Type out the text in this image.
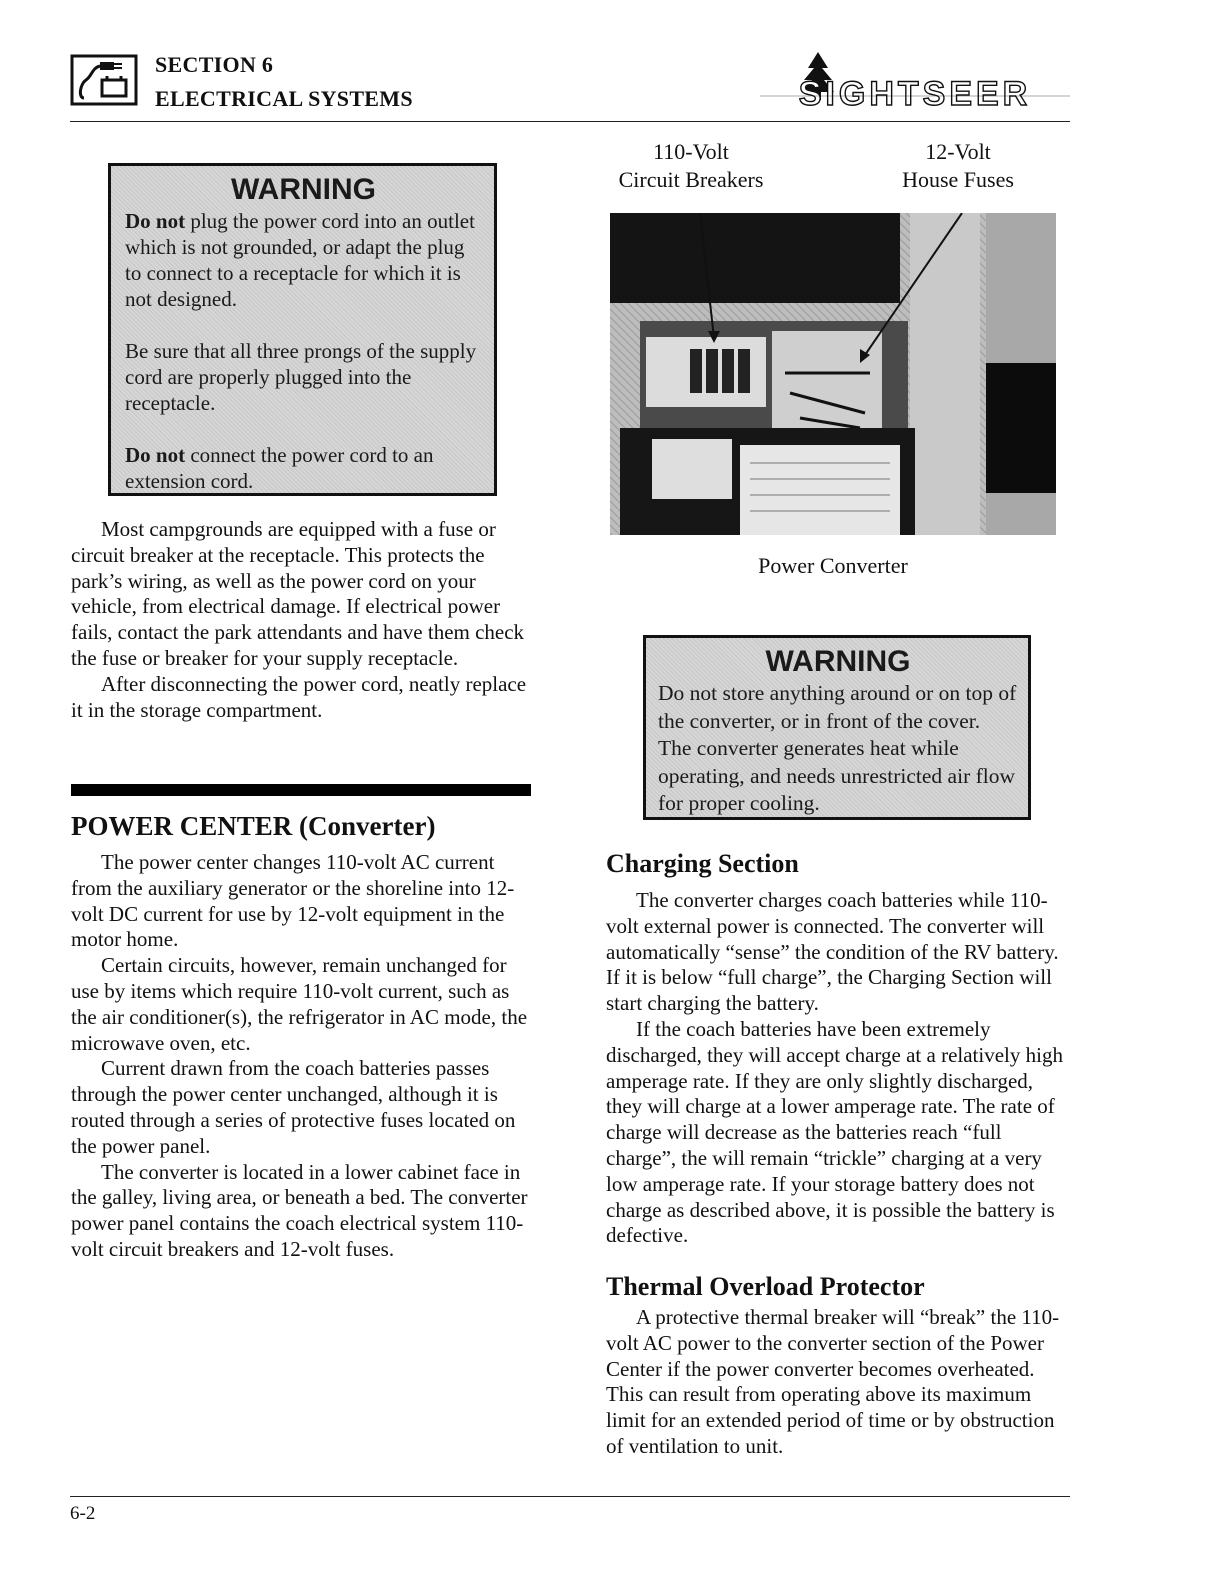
SECTION 6
ELECTRICAL SYSTEMS	SIGHTSEER
WARNING

Do not plug the power cord into an outlet which is not grounded, or adapt the plug to connect to a receptacle for which it is not designed.

Be sure that all three prongs of the supply cord are properly plugged into the receptacle.

Do not connect the power cord to an extension cord.

Most campgrounds are equipped with a fuse or circuit breaker at the receptacle. This protects the park’s wiring, as well as the power cord on your vehicle, from electrical damage. If electrical power fails, contact the park attendants and have them check the fuse or breaker for your supply receptacle.

After disconnecting the power cord, neatly replace it in the storage compartment.

POWER CENTER (Converter)

The power center changes 110-volt AC current from the auxiliary generator or the shoreline into 12-volt DC current for use by 12-volt equipment in the motor home.

Certain circuits, however, remain unchanged for use by items which require 110-volt current, such as the air conditioner(s), the refrigerator in AC mode, the microwave oven, etc.

Current drawn from the coach batteries passes through the power center unchanged, although it is routed through a series of protective fuses located on the power panel.

The converter is located in a lower cabinet face in the galley, living area, or beneath a bed. The converter power panel contains the coach electrical system 110-volt circuit breakers and 12-volt fuses.

110-Volt
Circuit Breakers
12-Volt
House Fuses
Power Converter
WARNING

Do not store anything around or on top of the converter, or in front of the cover. The converter generates heat while operating, and needs unrestricted air flow for proper cooling.

Charging Section

The converter charges coach batteries while 110-volt external power is connected. The converter will automatically “sense” the condition of the RV battery. If it is below “full charge”, the Charging Section will start charging the battery.

If the coach batteries have been extremely discharged, they will accept charge at a relatively high amperage rate. If they are only slightly discharged, they will charge at a lower amperage rate. The rate of charge will decrease as the batteries reach “full charge”, the will remain “trickle” charging at a very low amperage rate. If your storage battery does not charge as described above, it is possible the battery is defective.

Thermal Overload Protector

A protective thermal breaker will “break” the 110-volt AC power to the converter section of the Power Center if the power converter becomes overheated. This can result from operating above its maximum limit for an extended period of time or by obstruction of ventilation to unit.

6-2
